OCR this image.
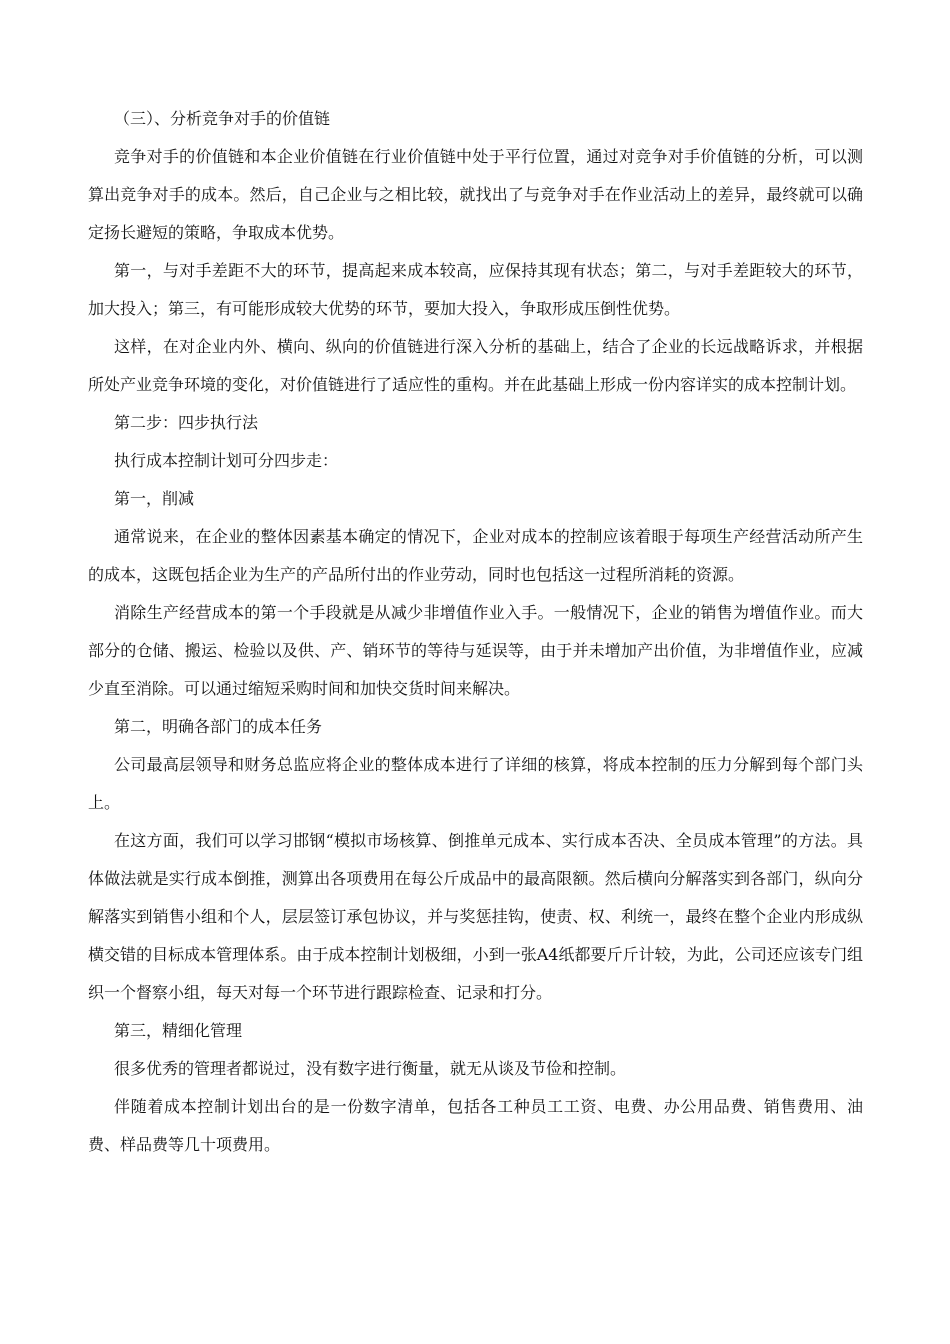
（三）、分析竞争对手的价值链

竞争对手的价值链和本企业价值链在行业价值链中处于平行位置，通过对竞争对手价值链的分析，可以测算出竞争对手的成本。然后，自己企业与之相比较，就找出了与竞争对手在作业活动上的差异，最终就可以确定扬长避短的策略，争取成本优势。

第一，与对手差距不大的环节，提高起来成本较高，应保持其现有状态；第二，与对手差距较大的环节，加大投入；第三，有可能形成较大优势的环节，要加大投入，争取形成压倒性优势。

这样，在对企业内外、横向、纵向的价值链进行深入分析的基础上，结合了企业的长远战略诉求，并根据所处产业竞争环境的变化，对价值链进行了适应性的重构。并在此基础上形成一份内容详实的成本控制计划。

第二步：四步执行法

执行成本控制计划可分四步走：

第一，削减

通常说来，在企业的整体因素基本确定的情况下，企业对成本的控制应该着眼于每项生产经营活动所产生的成本，这既包括企业为生产的产品所付出的作业劳动，同时也包括这一过程所消耗的资源。

消除生产经营成本的第一个手段就是从减少非增值作业入手。一般情况下，企业的销售为增值作业。而大部分的仓储、搬运、检验以及供、产、销环节的等待与延误等，由于并未增加产出价值，为非增值作业，应减少直至消除。可以通过缩短采购时间和加快交货时间来解决。

第二，明确各部门的成本任务

公司最高层领导和财务总监应将企业的整体成本进行了详细的核算，将成本控制的压力分解到每个部门头上。

在这方面，我们可以学习邯钢“模拟市场核算、倒推单元成本、实行成本否决、全员成本管理”的方法。具体做法就是实行成本倒推，测算出各项费用在每公斤成品中的最高限额。然后横向分解落实到各部门，纵向分解落实到销售小组和个人，层层签订承包协议，并与奖惩挂钩，使责、权、利统一，最终在整个企业内形成纵横交错的目标成本管理体系。由于成本控制计划极细，小到一张A4纸都要斤斤计较，为此，公司还应该专门组织一个督察小组，每天对每一个环节进行跟踪检查、记录和打分。

第三，精细化管理

很多优秀的管理者都说过，没有数字进行衡量，就无从谈及节俭和控制。

伴随着成本控制计划出台的是一份数字清单，包括各工种员工工资、电费、办公用品费、销售费用、油费、样品费等几十项费用。
